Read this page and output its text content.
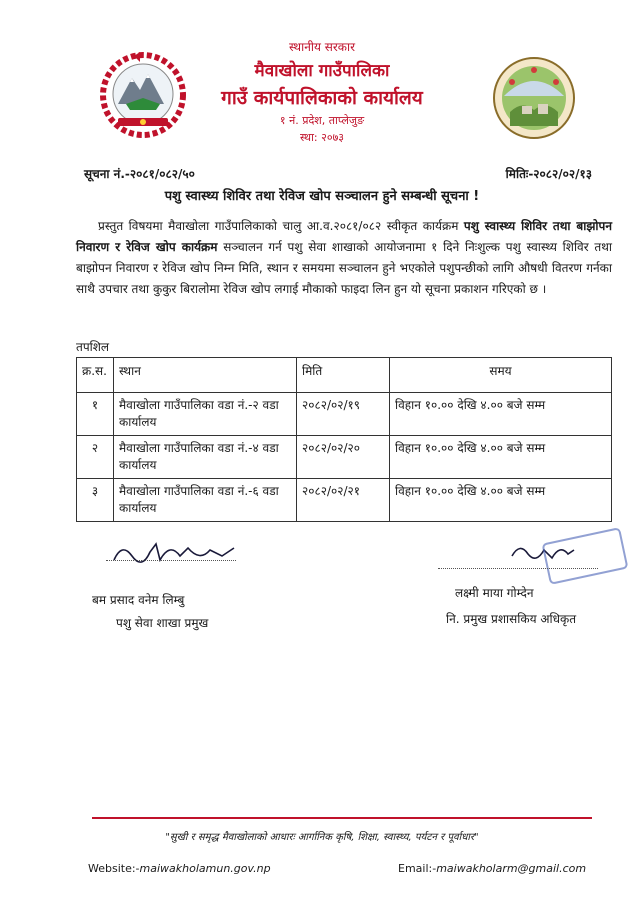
स्थानीय सरकार
मैवाखोला गाउँपालिका
गाउँ कार्यपालिकाको कार्यालय
१ नं. प्रदेश, ताप्लेजुङ
स्था: २०७३
सूचना नं.-२०८१/०८२/५०	मितिः-२०८२/०२/१३
पशु स्वास्थ्य शिविर तथा रेविज खोप सञ्चालन हुने सम्बन्धी सूचना !
प्रस्तुत विषयमा मैवाखोला गाउँपालिकाको चालु आ.व.२०८१/०८२ स्वीकृत कार्यक्रम पशु स्वास्थ्य शिविर तथा बाझोपन निवारण र रेविज खोप कार्यक्रम सञ्चालन गर्न पशु सेवा शाखाको आयोजनामा १ दिने निःशुल्क पशु स्वास्थ्य शिविर तथा बाझोपन निवारण र रेविज खोप निम्न मिति, स्थान र समयमा सञ्चालन हुने भएकोले पशुपन्छीको लागि औषधी वितरण गर्नका साथै उपचार तथा कुकुर बिरालोमा रेविज खोप लगाई मौकाको फाइदा लिन हुन यो सूचना प्रकाशन गरिएको छ ।
तपशिल
क्र.स.	स्थान	मिति	समय
१	मैवाखोला गाउँपालिका वडा नं.-२ वडा कार्यालय	२०८२/०२/१९	विहान १०.०० देखि ४.०० बजे सम्म
२	मैवाखोला गाउँपालिका वडा नं.-४ वडा कार्यालय	२०८२/०२/२०	विहान १०.०० देखि ४.०० बजे सम्म
३	मैवाखोला गाउँपालिका वडा नं.-६ वडा कार्यालय	२०८२/०२/२१	विहान १०.०० देखि ४.०० बजे सम्म
बम प्रसाद वनेम लिम्बु
पशु सेवा शाखा प्रमुख
लक्ष्मी माया गोम्देन
नि. प्रमुख प्रशासकिय अधिकृत
"सुखी र समृद्ध मैवाखोलाको आधारः आर्गानिक कृषि, शिक्षा, स्वास्थ्य, पर्यटन र पूर्वाधार"
Website:-maiwakholamun.gov.np	Email:-maiwakholarm@gmail.com
